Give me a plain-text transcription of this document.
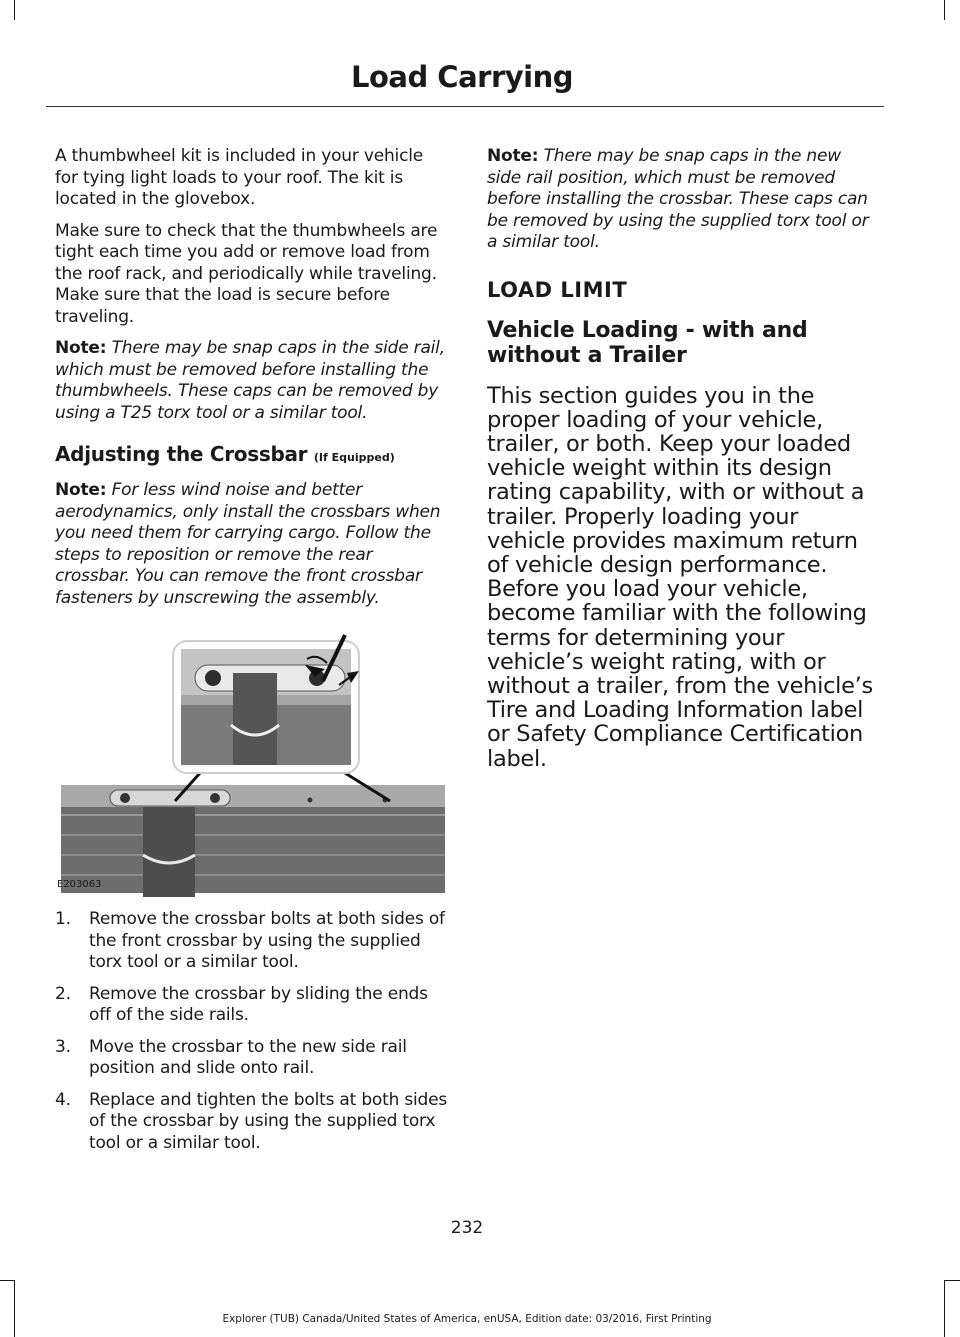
Load Carrying

A thumbwheel kit is included in your vehicle for tying light loads to your roof. The kit is located in the glovebox.

Make sure to check that the thumbwheels are tight each time you add or remove load from the roof rack, and periodically while traveling. Make sure that the load is secure before traveling.

Note: There may be snap caps in the side rail, which must be removed before installing the thumbwheels. These caps can be removed by using a T25 torx tool or a similar tool.

Adjusting the Crossbar (If Equipped)

Note: For less wind noise and better aerodynamics, only install the crossbars when you need them for carrying cargo. Follow the steps to reposition or remove the rear crossbar. You can remove the front crossbar fasteners by unscrewing the assembly.

E203063
1. Remove the crossbar bolts at both sides of the front crossbar by using the supplied torx tool or a similar tool.
2. Remove the crossbar by sliding the ends off of the side rails.
3. Move the crossbar to the new side rail position and slide onto rail.
4. Replace and tighten the bolts at both sides of the crossbar by using the supplied torx tool or a similar tool.

Note: There may be snap caps in the new side rail position, which must be removed before installing the crossbar. These caps can be removed by using the supplied torx tool or a similar tool.

LOAD LIMIT
Vehicle Loading - with and without a Trailer

This section guides you in the proper loading of your vehicle, trailer, or both. Keep your loaded vehicle weight within its design rating capability, with or without a trailer. Properly loading your vehicle provides maximum return of vehicle design performance. Before you load your vehicle, become familiar with the following terms for determining your vehicle’s weight rating, with or without a trailer, from the vehicle’s Tire and Loading Information label or Safety Compliance Certification label.

232
Explorer (TUB) Canada/United States of America, enUSA, Edition date: 03/2016, First Printing
